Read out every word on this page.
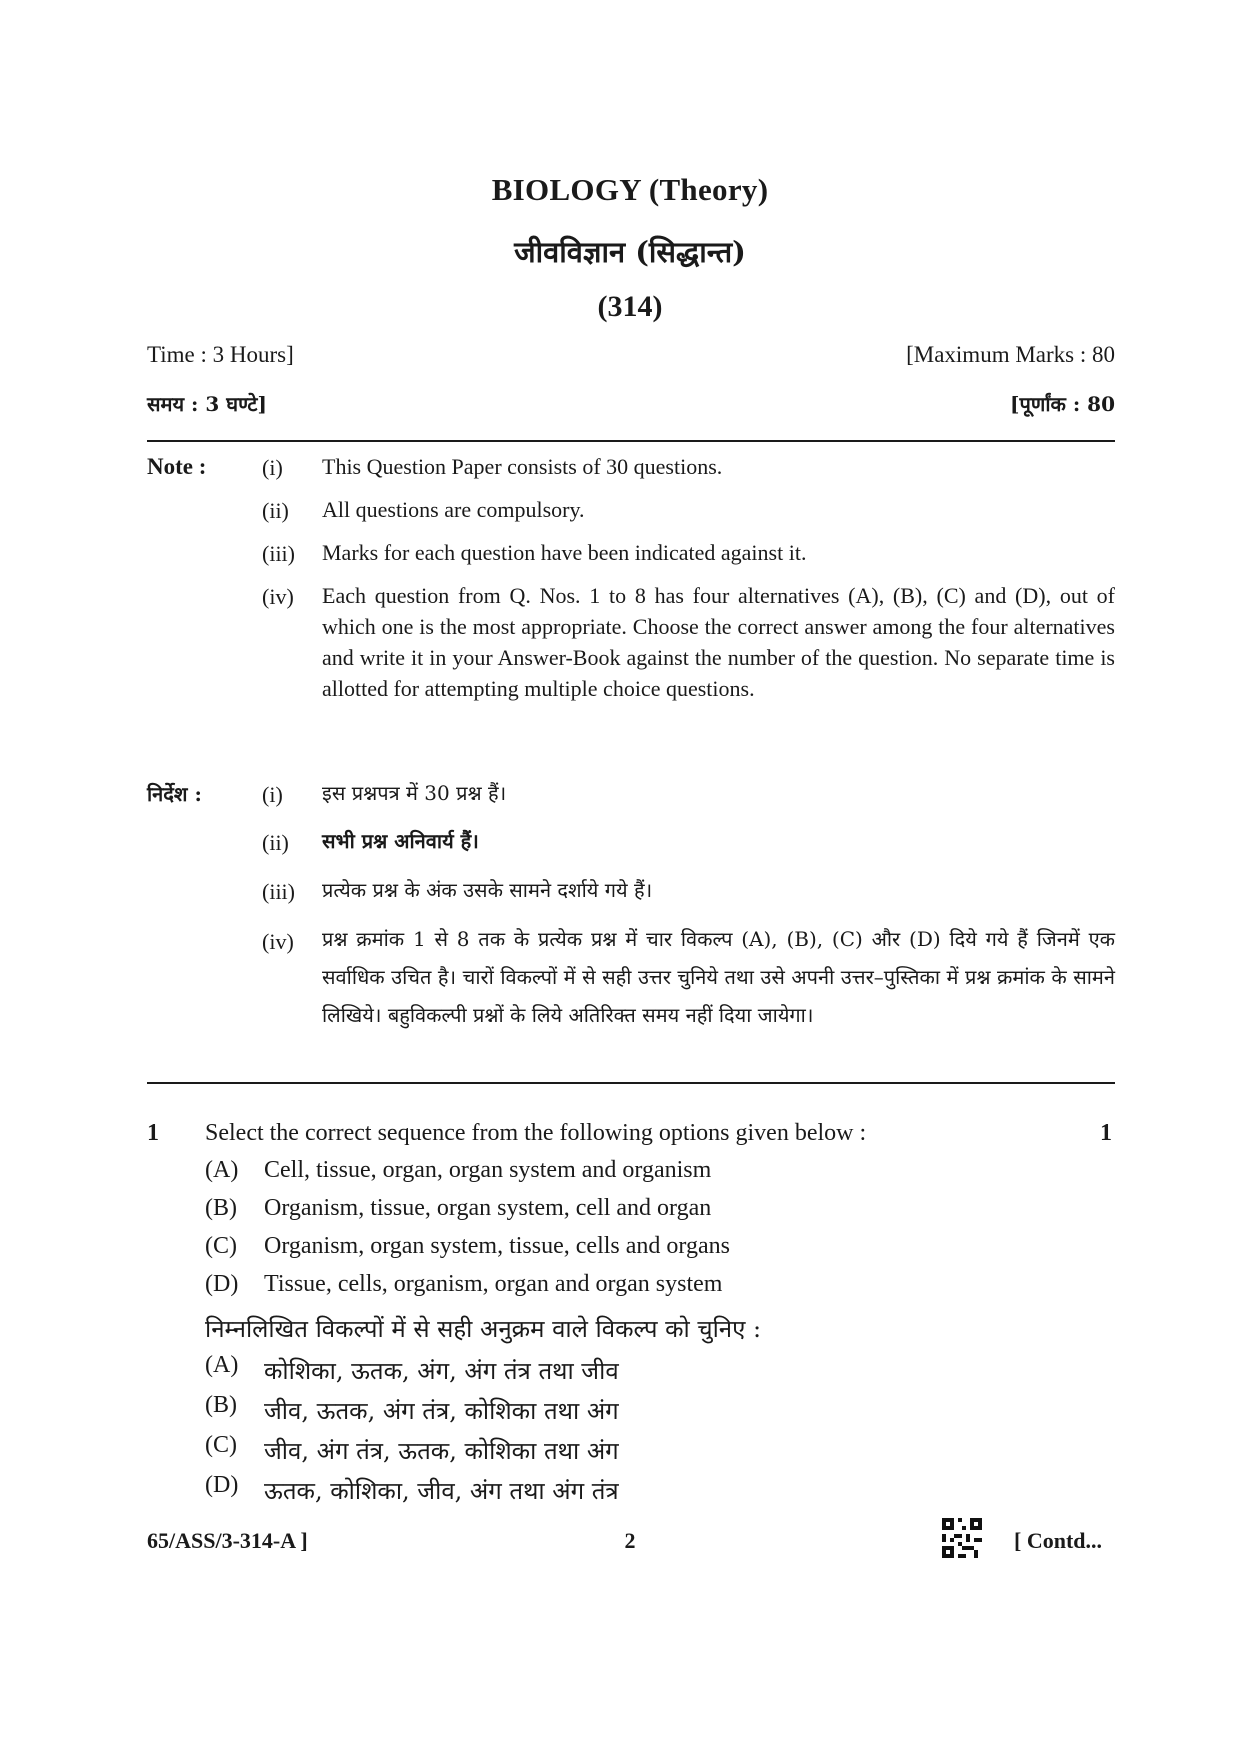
BIOLOGY (Theory)
जीवविज्ञान (सिद्धान्त)
(314)
Time : 3 Hours]	[Maximum Marks : 80
समय : 3 घण्टे]	[पूर्णांक : 80
Note :	(i) This Question Paper consists of 30 questions.
(ii) All questions are compulsory.
(iii) Marks for each question have been indicated against it.
(iv) Each question from Q. Nos. 1 to 8 has four alternatives (A), (B), (C) and (D), out of which one is the most appropriate. Choose the correct answer among the four alternatives and write it in your Answer-Book against the number of the question. No separate time is allotted for attempting multiple choice questions.
निर्देश :	(i) इस प्रश्नपत्र में 30 प्रश्न हैं।
(ii) सभी प्रश्न अनिवार्य हैं।
(iii) प्रत्येक प्रश्न के अंक उसके सामने दर्शाये गये हैं।
(iv) प्रश्न क्रमांक 1 से 8 तक के प्रत्येक प्रश्न में चार विकल्प (A), (B), (C) और (D) दिये गये हैं जिनमें एक सर्वाधिक उचित है। चारों विकल्पों में से सही उत्तर चुनिये तथा उसे अपनी उत्तर–पुस्तिका में प्रश्न क्रमांक के सामने लिखिये। बहुविकल्पी प्रश्नों के लिये अतिरिक्त समय नहीं दिया जायेगा।
1 Select the correct sequence from the following options given below :	1
(A) Cell, tissue, organ, organ system and organism
(B) Organism, tissue, organ system, cell and organ
(C) Organism, organ system, tissue, cells and organs
(D) Tissue, cells, organism, organ and organ system
निम्नलिखित विकल्पों में से सही अनुक्रम वाले विकल्प को चुनिए :
(A) कोशिका, ऊतक, अंग, अंग तंत्र तथा जीव
(B) जीव, ऊतक, अंग तंत्र, कोशिका तथा अंग
(C) जीव, अंग तंत्र, ऊतक, कोशिका तथा अंग
(D) ऊतक, कोशिका, जीव, अंग तथा अंग तंत्र
65/ASS/3-314-A ]	2	[ Contd...
